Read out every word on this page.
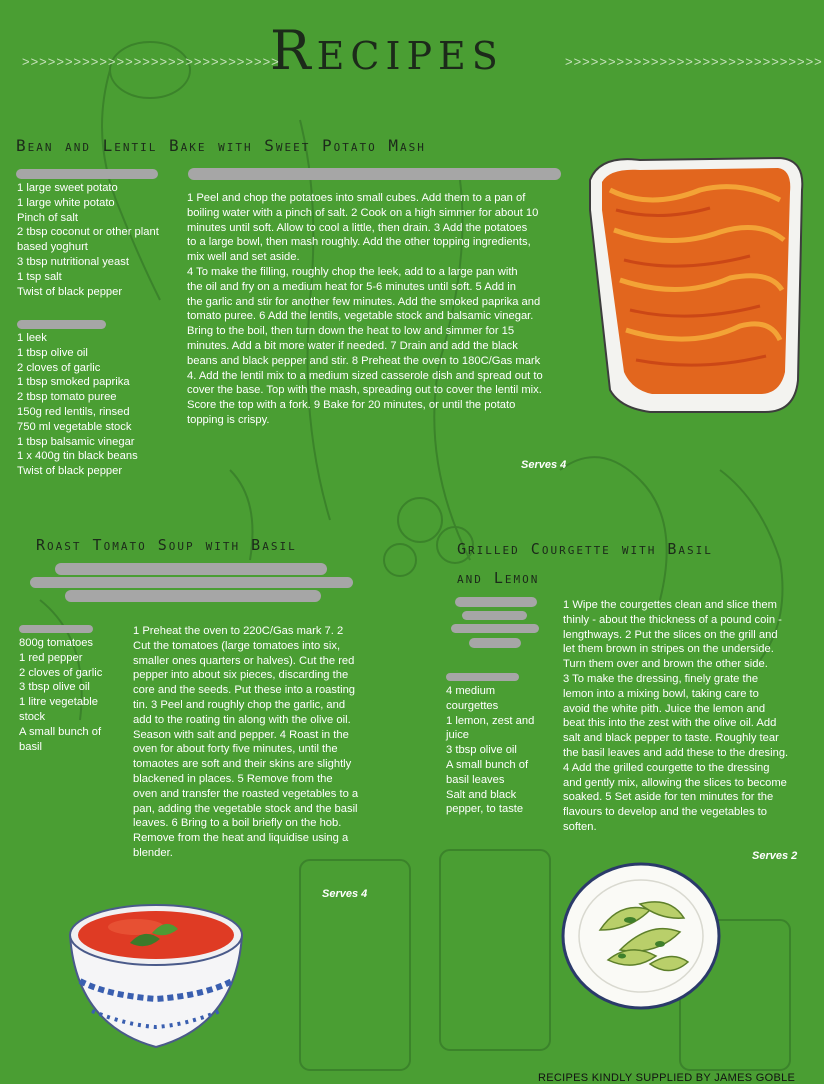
Recipes
>>>>>>>>>>>>>>>>>>>>>>>>>>>>>>	>>>>>>>>>>>>>>>>>>>>>>>>>>>>>>
Bean and Lentil Bake with Sweet Potato Mash
1 large sweet potato
1 large white potato
Pinch of salt
2 tbsp coconut or other plant
based yoghurt
3 tbsp nutritional yeast
1 tsp salt
Twist of black pepper
1 leek
1 tbsp olive oil
2 cloves of garlic
1 tbsp smoked paprika
2 tbsp tomato puree
150g red lentils, rinsed
750 ml vegetable stock
1 tbsp balsamic vinegar
1 x 400g tin black beans
Twist of black pepper
1 Peel and chop the potatoes into small cubes. Add them to a pan of
boiling water with a pinch of salt. 2 Cook on a high simmer for about 10
minutes until soft. Allow to cool a little, then drain. 3 Add the potatoes
to a large bowl, then mash roughly. Add the other topping ingredients,
mix well and set aside.
4 To make the filling, roughly chop the leek, add to a large pan with
the oil and fry on a medium heat for 5-6 minutes until soft. 5 Add in
the garlic and stir for another few minutes. Add the smoked paprika and
tomato puree. 6 Add the lentils, vegetable stock and balsamic vinegar.
Bring to the boil, then turn down the heat to low and simmer for 15
minutes. Add a bit more water if needed. 7 Drain and add the black
beans and black pepper and stir. 8 Preheat the oven to 180C/Gas mark
4. Add the lentil mix to a medium sized casserole dish and spread out to
cover the base. Top with the mash, spreading out to cover the lentil mix.
Score the top with a fork. 9 Bake for 20 minutes, or until the potato
topping is crispy.
Serves 4
Roast Tomato Soup with Basil
800g tomatoes
1 red pepper
2 cloves of garlic
3 tbsp olive oil
1 litre vegetable
stock
A small bunch of
basil
1 Preheat the oven to 220C/Gas mark 7. 2
Cut the tomatoes (large tomatoes into six,
smaller ones quarters or halves). Cut the red
pepper into about six pieces, discarding the
core and the seeds. Put these into a roasting
tin. 3 Peel and roughly chop the garlic, and
add to the roating tin along with the olive oil.
Season with salt and pepper. 4 Roast in the
oven for about forty five minutes, until the
tomaotes are soft and their skins are slightly
blackened in places. 5 Remove from the
oven and transfer the roasted vegetables to a
pan, adding the vegetable stock and the basil
leaves. 6 Bring to a boil briefly on the hob.
Remove from the heat and liquidise using a
blender.
Serves 4
Grilled Courgette with Basil
and Lemon
4 medium
courgettes
1 lemon, zest and
juice
3 tbsp olive oil
A small bunch of
basil leaves
Salt and black
pepper, to taste
1 Wipe the courgettes clean and slice them
thinly - about the thickness of a pound coin -
lengthways. 2 Put the slices on the grill and
let them brown in stripes on the underside.
Turn them over and brown the other side.
3 To make the dressing, finely grate the
lemon into a mixing bowl, taking care to
avoid the white pith. Juice the lemon and
beat this into the zest with the olive oil. Add
salt and black pepper to taste. Roughly tear
the basil leaves and add these to the dresing.
4 Add the grilled courgette to the dressing
and gently mix, allowing the slices to become
soaked. 5 Set aside for ten minutes for the
flavours to develop and the vegetables to
soften.
Serves 2
RECIPES KINDLY SUPPLIED BY JAMES GOBLE
